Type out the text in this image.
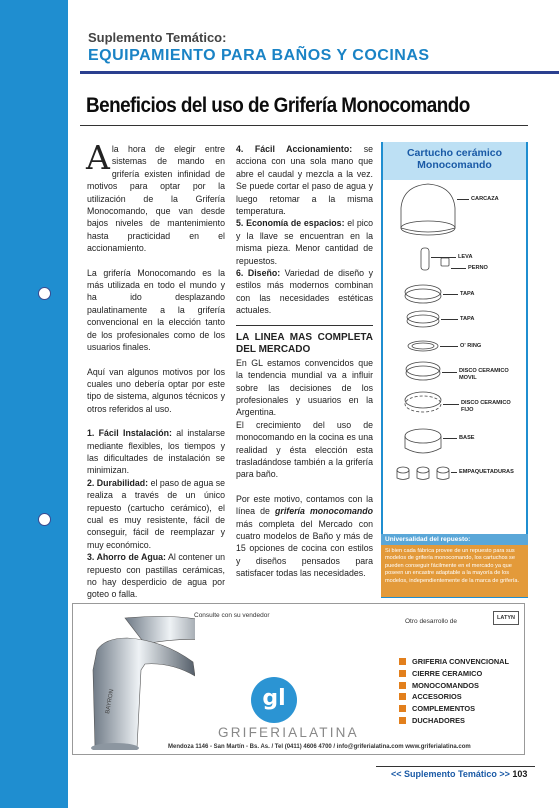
Suplemento Temático:
EQUIPAMIENTO PARA BAÑOS Y COCINAS
Beneficios del uso de Grifería Monocomando

Ala hora de elegir entre sistemas de mando en grifería existen infinidad de motivos para optar por la utilización de la Grifería Monocomando, que van desde bajos niveles de mantenimiento hasta practicidad en el accionamiento.

La grifería Monocomando es la más utilizada en todo el mundo y ha ido desplazando paulatinamente a la grifería convencional en la elección tanto de los profesionales como de los usuarios finales.

Aquí van algunos motivos por los cuales uno debería optar por este tipo de sistema, algunos técnicos y otros referidos al uso.

1. Fácil Instalación: al instalarse mediante flexibles, los tiempos y las dificultades de instalación se minimizan.

2. Durabilidad: el paso de agua se realiza a través de un único repuesto (cartucho cerámico), el cual es muy resistente, fácil de conseguir, fácil de reemplazar y muy económico.

3. Ahorro de Agua: Al contener un repuesto con pastillas cerámicas, no hay desperdicio de agua por goteo o falla.

4. Fácil Accionamiento: se acciona con una sola mano que abre el caudal y mezcla a la vez. Se puede cortar el paso de agua y luego retomar a la misma temperatura.

5. Economía de espacios: el pico y la llave se encuentran en la misma pieza. Menor cantidad de repuestos.

6. Diseño: Variedad de diseño y estilos más modernos combinan con las necesidades estéticas actuales.

LA LINEA MAS COMPLETA DEL MERCADO

En GL estamos convencidos que la tendencia mundial va a influir sobre las decisiones de los profesionales y usuarios en la Argentina.

El crecimiento del uso de monocomando en la cocina es una realidad y ésta elección esta trasladándose también a la grifería para baño.

Por este motivo, contamos con la línea de grifería monocomando más completa del Mercado con cuatro modelos de Baño y más de 15 opciones de cocina con estilos y diseños pensados para satisfacer todas las necesidades.

Cartucho cerámico Monocomando
CARCAZA
LEVA
PERNO
TAPA
TAPA
O' RING
DISCO CERAMICO MOVIL
DISCO CERAMICO FIJO
BASE
EMPAQUETADURAS
Universalidad del repuesto:
Si bien cada fábrica provee de un repuesto para sus modelos de grifería monocomando, los cartuchos se pueden conseguir fácilmente en el mercado ya que poseen un encastre adaptable a la mayoría de los modelos, independientemente de la marca de grifería.
BAYRON
Consulte con su vendedor
Otro desarrollo de	LATYN
gl
GRIFERIALATINA
GRIFERIA CONVENCIONAL
CIERRE CERAMICO
MONOCOMANDOS
ACCESORIOS
COMPLEMENTOS
DUCHADORES
Mendoza 1146 - San Martín - Bs. As. / Tel (0411) 4606 4700 / info@griferialatina.com www.griferialatina.com
<< Suplemento Temático >> 103
